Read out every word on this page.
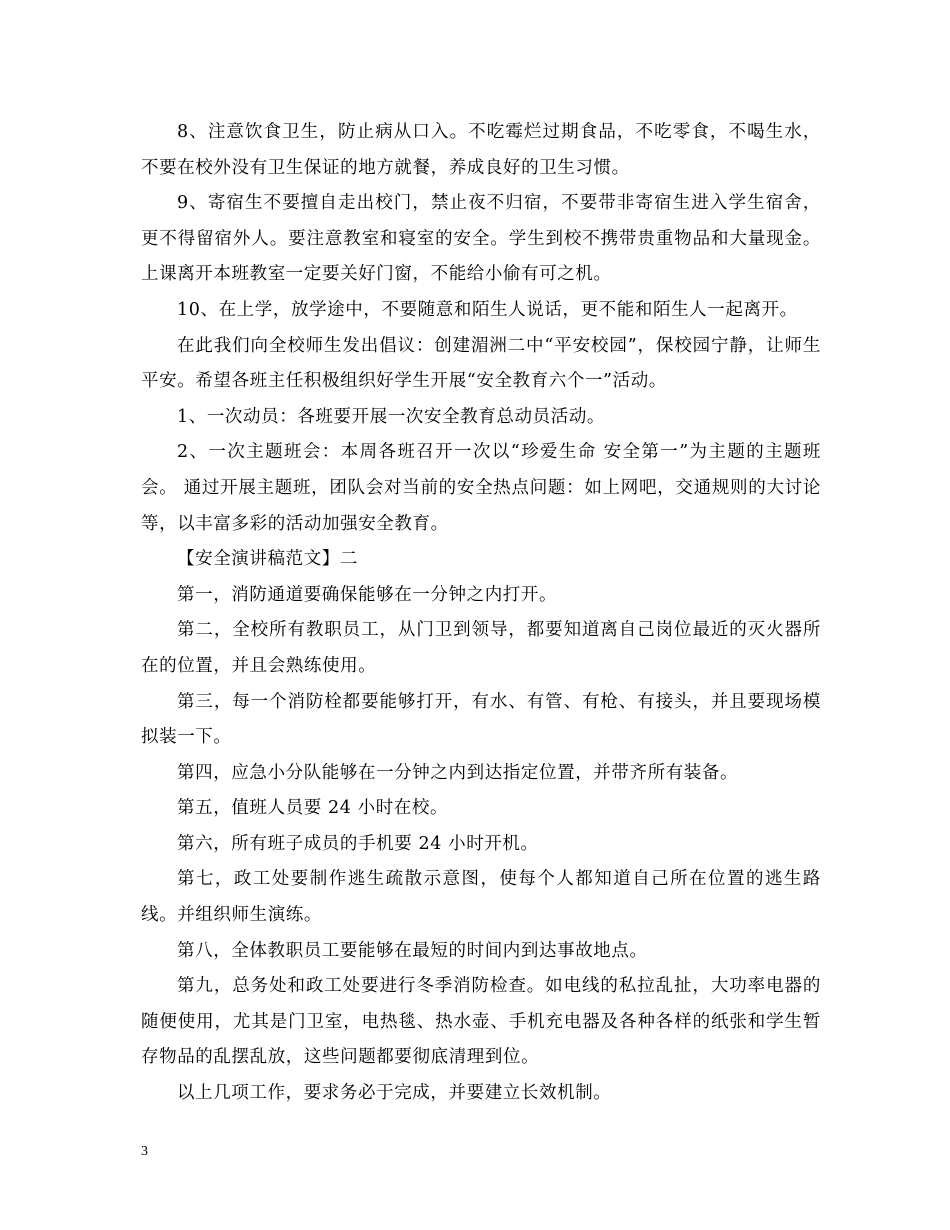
8、注意饮食卫生，防止病从口入。不吃霉烂过期食品，不吃零食，不喝生水，不要在校外没有卫生保证的地方就餐，养成良好的卫生习惯。

9、寄宿生不要擅自走出校门，禁止夜不归宿，不要带非寄宿生进入学生宿舍，更不得留宿外人。要注意教室和寝室的安全。学生到校不携带贵重物品和大量现金。上课离开本班教室一定要关好门窗，不能给小偷有可之机。

10、在上学，放学途中，不要随意和陌生人说话，更不能和陌生人一起离开。

在此我们向全校师生发出倡议：创建湄洲二中“平安校园”，保校园宁静，让师生平安。希望各班主任积极组织好学生开展“安全教育六个一”活动。

1、一次动员：各班要开展一次安全教育总动员活动。

2、一次主题班会：本周各班召开一次以“珍爱生命 安全第一”为主题的主题班会。 通过开展主题班，团队会对当前的安全热点问题：如上网吧，交通规则的大讨论等，以丰富多彩的活动加强安全教育。

【安全演讲稿范文】二

第一，消防通道要确保能够在一分钟之内打开。

第二，全校所有教职员工，从门卫到领导，都要知道离自己岗位最近的灭火器所在的位置，并且会熟练使用。

第三，每一个消防栓都要能够打开，有水、有管、有枪、有接头，并且要现场模拟装一下。

第四，应急小分队能够在一分钟之内到达指定位置，并带齐所有装备。

第五，值班人员要 24 小时在校。

第六，所有班子成员的手机要 24 小时开机。

第七，政工处要制作逃生疏散示意图，使每个人都知道自己所在位置的逃生路线。并组织师生演练。

第八，全体教职员工要能够在最短的时间内到达事故地点。

第九，总务处和政工处要进行冬季消防检查。如电线的私拉乱扯，大功率电器的随便使用，尤其是门卫室，电热毯、热水壶、手机充电器及各种各样的纸张和学生暂存物品的乱摆乱放，这些问题都要彻底清理到位。

以上几项工作，要求务必于完成，并要建立长效机制。

3
